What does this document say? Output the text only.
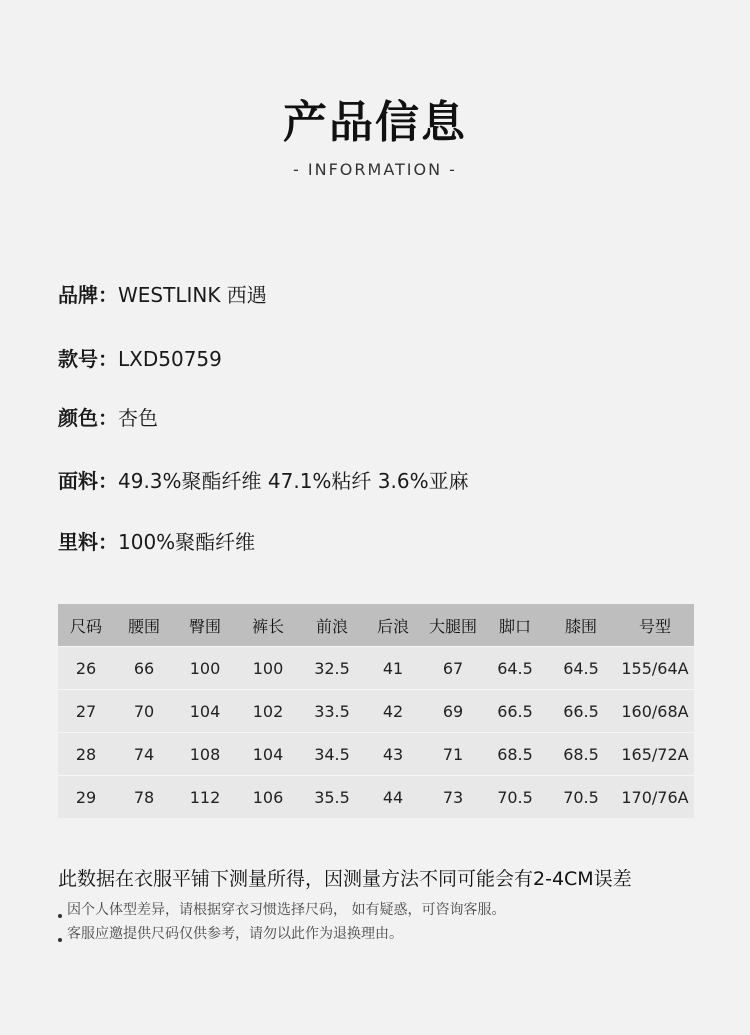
产品信息
- INFORMATION -
品牌：WESTLINK 西遇
款号：LXD50759
颜色：杏色
面料：49.3%聚酯纤维 47.1%粘纤 3.6%亚麻
里料：100%聚酯纤维
尺码	腰围	臀围	裤长	前浪	后浪	大腿围	脚口	膝围	号型
26	66	100	100	32.5	41	67	64.5	64.5	155/64A
27	70	104	102	33.5	42	69	66.5	66.5	160/68A
28	74	108	104	34.5	43	71	68.5	68.5	165/72A
29	78	112	106	35.5	44	73	70.5	70.5	170/76A
此数据在衣服平铺下测量所得，因测量方法不同可能会有2-4CM误差
因个人体型差异，请根据穿衣习惯选择尺码， 如有疑惑，可咨询客服。
客服应邀提供尺码仅供参考，请勿以此作为退换理由。
